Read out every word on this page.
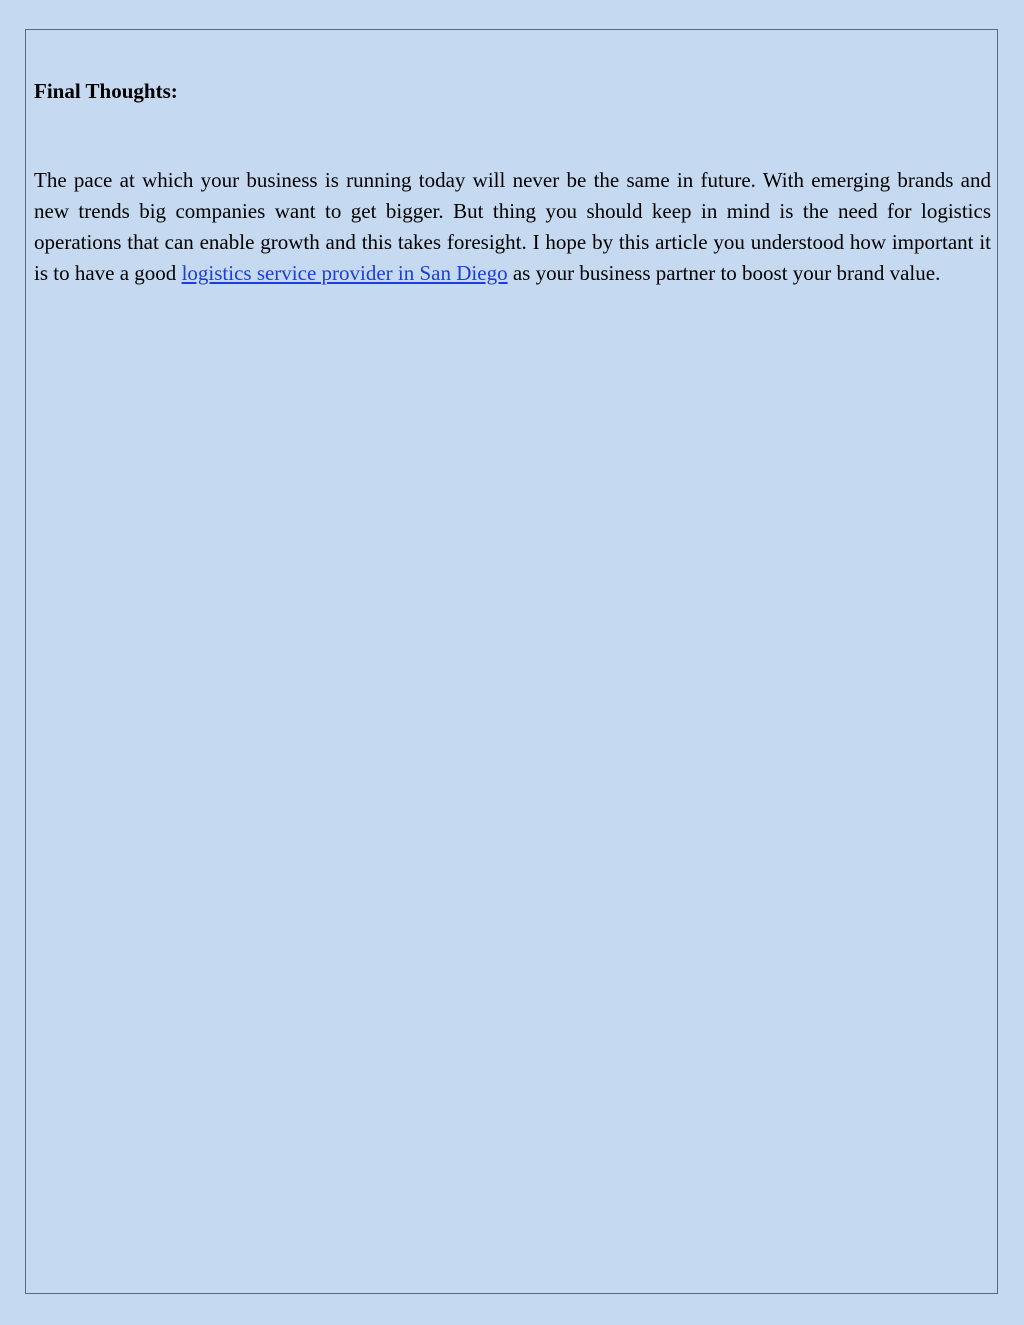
Final Thoughts:

The pace at which your business is running today will never be the same in future. With emerging brands and new trends big companies want to get bigger. But thing you should keep in mind is the need for logistics operations that can enable growth and this takes foresight. I hope by this article you understood how important it is to have a good logistics service provider in San Diego as your business partner to boost your brand value.
